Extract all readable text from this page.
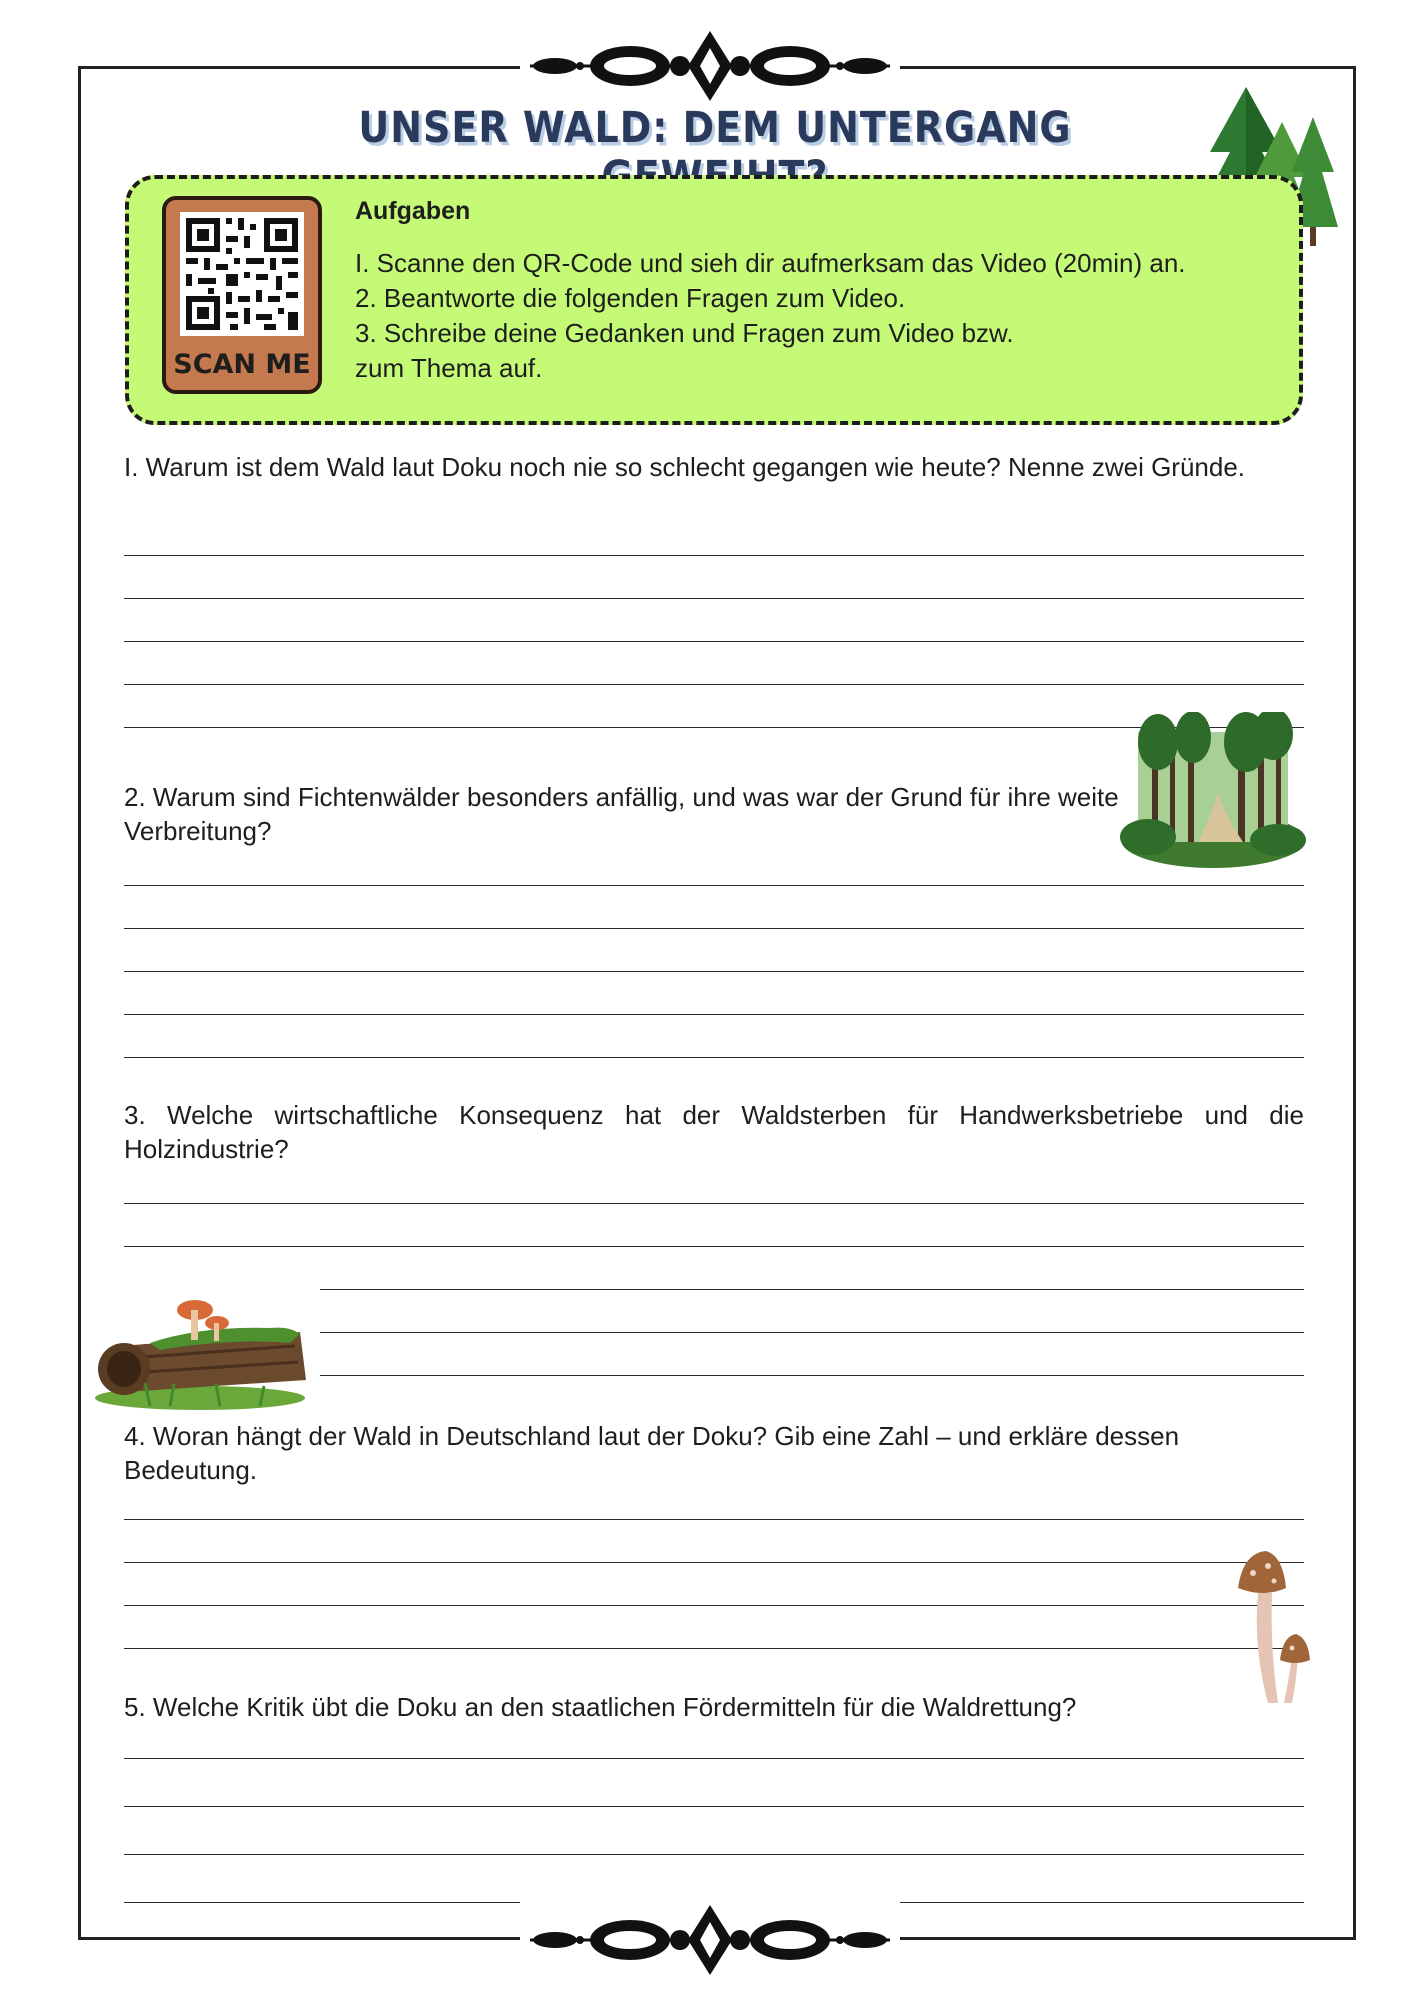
UNSER WALD: DEM UNTERGANG
SCAN ME
Aufgaben
I. Scanne den QR-Code und sieh dir aufmerksam das Video (20min) an.
2. Beantworte die folgenden Fragen zum Video.
3. Schreibe deine Gedanken und Fragen zum Video bzw.
zum Thema auf.
I. Warum ist dem Wald laut Doku noch nie so schlecht gegangen wie heute? Nenne zwei Gründe.
2. Warum sind Fichtenwälder besonders anfällig, und was war der Grund für ihre weite Verbreitung?
3. Welche wirtschaftliche Konsequenz hat der Waldsterben für Handwerksbetriebe und die Holzindustrie?
4. Woran hängt der Wald in Deutschland laut der Doku? Gib eine Zahl – und erkläre dessen Bedeutung.
5. Welche Kritik übt die Doku an den staatlichen Fördermitteln für die Waldrettung?
